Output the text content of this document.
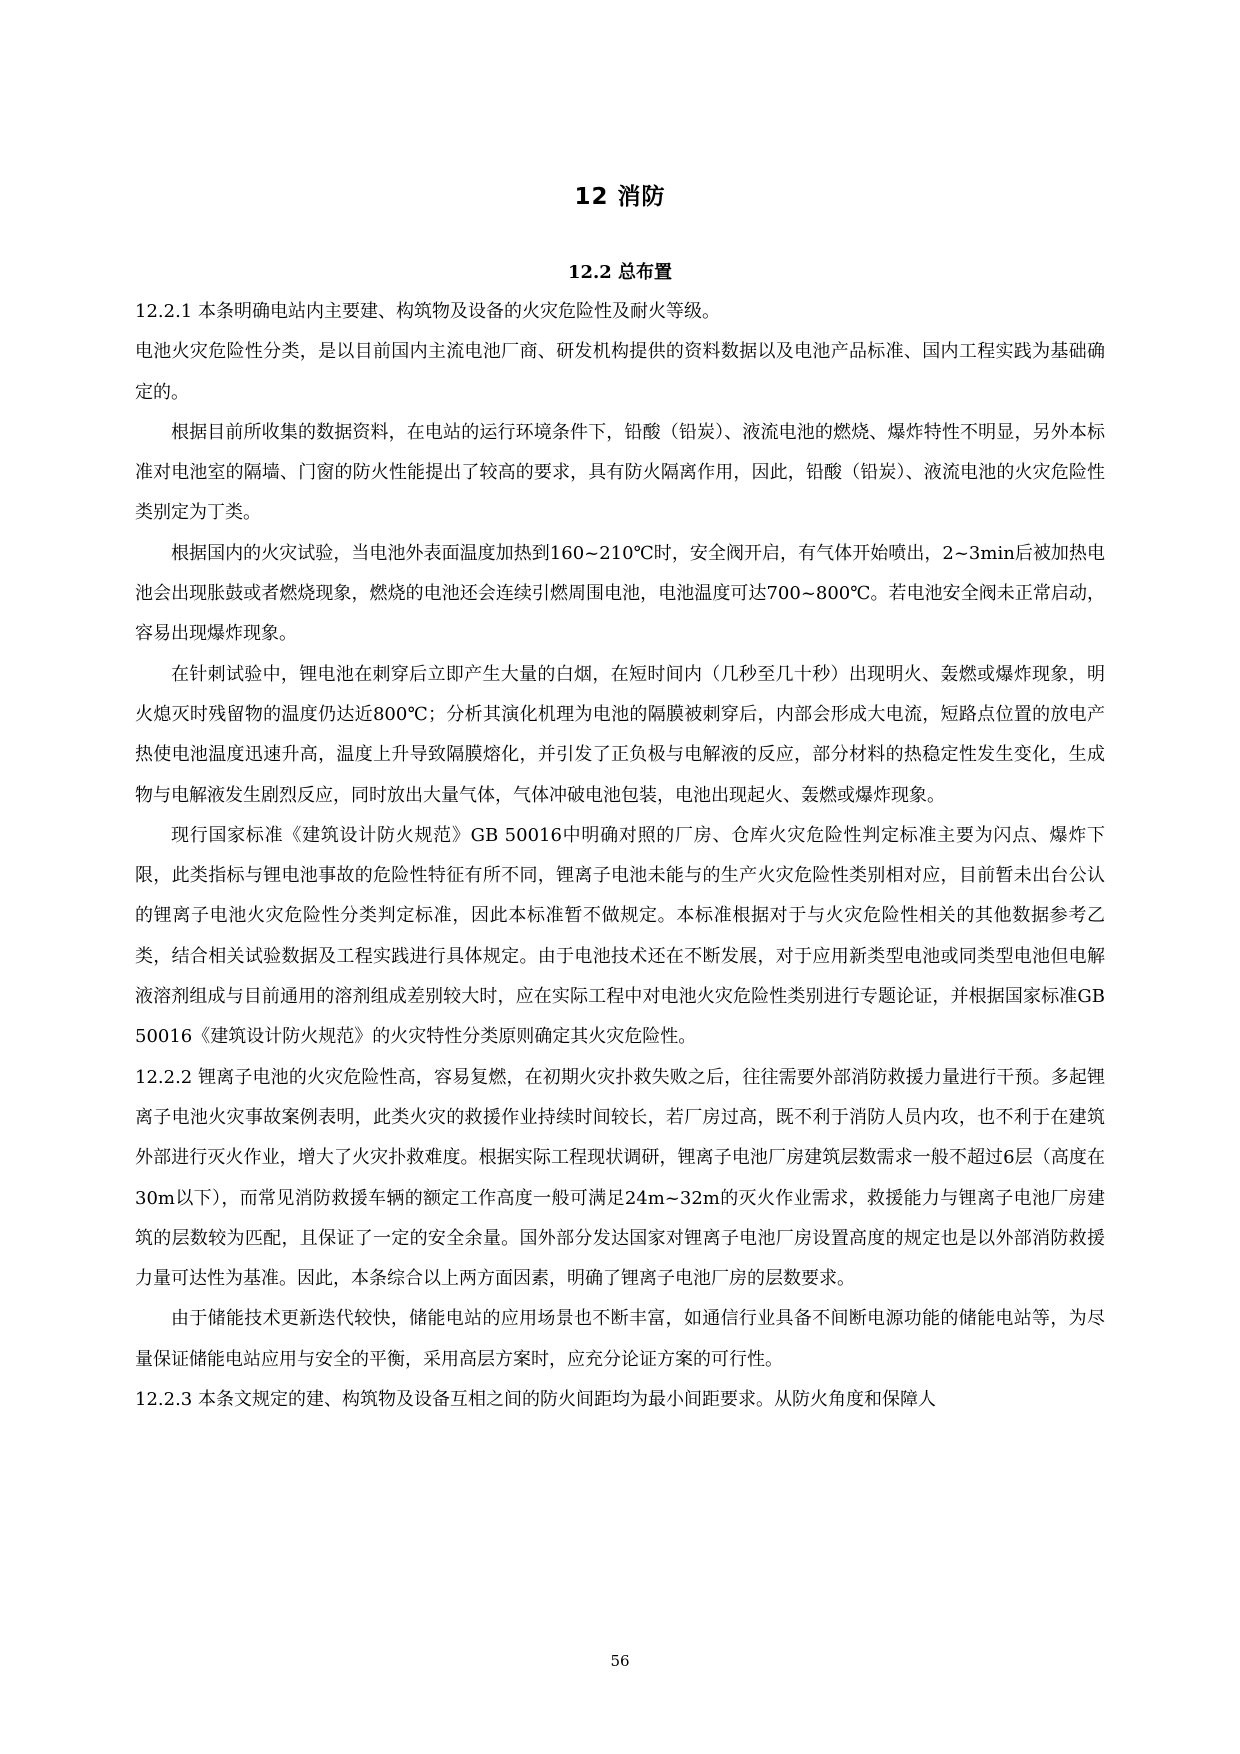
12 消防
12.2 总布置

12.2.1 本条明确电站内主要建、构筑物及设备的火灾危险性及耐火等级。

电池火灾危险性分类，是以目前国内主流电池厂商、研发机构提供的资料数据以及电池产品标准、国内工程实践为基础确定的。

根据目前所收集的数据资料，在电站的运行环境条件下，铅酸（铅炭）、液流电池的燃烧、爆炸特性不明显，另外本标准对电池室的隔墙、门窗的防火性能提出了较高的要求，具有防火隔离作用，因此，铅酸（铅炭）、液流电池的火灾危险性类别定为丁类。

根据国内的火灾试验，当电池外表面温度加热到160~210℃时，安全阀开启，有气体开始喷出，2~3min后被加热电池会出现胀鼓或者燃烧现象，燃烧的电池还会连续引燃周围电池，电池温度可达700~800℃。若电池安全阀未正常启动，容易出现爆炸现象。

在针刺试验中，锂电池在刺穿后立即产生大量的白烟，在短时间内（几秒至几十秒）出现明火、轰燃或爆炸现象，明火熄灭时残留物的温度仍达近800℃；分析其演化机理为电池的隔膜被刺穿后，内部会形成大电流，短路点位置的放电产热使电池温度迅速升高，温度上升导致隔膜熔化，并引发了正负极与电解液的反应，部分材料的热稳定性发生变化，生成物与电解液发生剧烈反应，同时放出大量气体，气体冲破电池包装，电池出现起火、轰燃或爆炸现象。

现行国家标准《建筑设计防火规范》GB 50016中明确对照的厂房、仓库火灾危险性判定标准主要为闪点、爆炸下限，此类指标与锂电池事故的危险性特征有所不同，锂离子电池未能与的生产火灾危险性类别相对应，目前暂未出台公认的锂离子电池火灾危险性分类判定标准，因此本标准暂不做规定。本标准根据对于与火灾危险性相关的其他数据参考乙类，结合相关试验数据及工程实践进行具体规定。由于电池技术还在不断发展，对于应用新类型电池或同类型电池但电解液溶剂组成与目前通用的溶剂组成差别较大时，应在实际工程中对电池火灾危险性类别进行专题论证，并根据国家标准GB 50016《建筑设计防火规范》的火灾特性分类原则确定其火灾危险性。

12.2.2 锂离子电池的火灾危险性高，容易复燃，在初期火灾扑救失败之后，往往需要外部消防救援力量进行干预。多起锂离子电池火灾事故案例表明，此类火灾的救援作业持续时间较长，若厂房过高，既不利于消防人员内攻，也不利于在建筑外部进行灭火作业，增大了火灾扑救难度。根据实际工程现状调研，锂离子电池厂房建筑层数需求一般不超过6层（高度在30m以下），而常见消防救援车辆的额定工作高度一般可满足24m~32m的灭火作业需求，救援能力与锂离子电池厂房建筑的层数较为匹配，且保证了一定的安全余量。国外部分发达国家对锂离子电池厂房设置高度的规定也是以外部消防救援力量可达性为基准。因此，本条综合以上两方面因素，明确了锂离子电池厂房的层数要求。

由于储能技术更新迭代较快，储能电站的应用场景也不断丰富，如通信行业具备不间断电源功能的储能电站等，为尽量保证储能电站应用与安全的平衡，采用高层方案时，应充分论证方案的可行性。

12.2.3 本条文规定的建、构筑物及设备互相之间的防火间距均为最小间距要求。从防火角度和保障人

56
